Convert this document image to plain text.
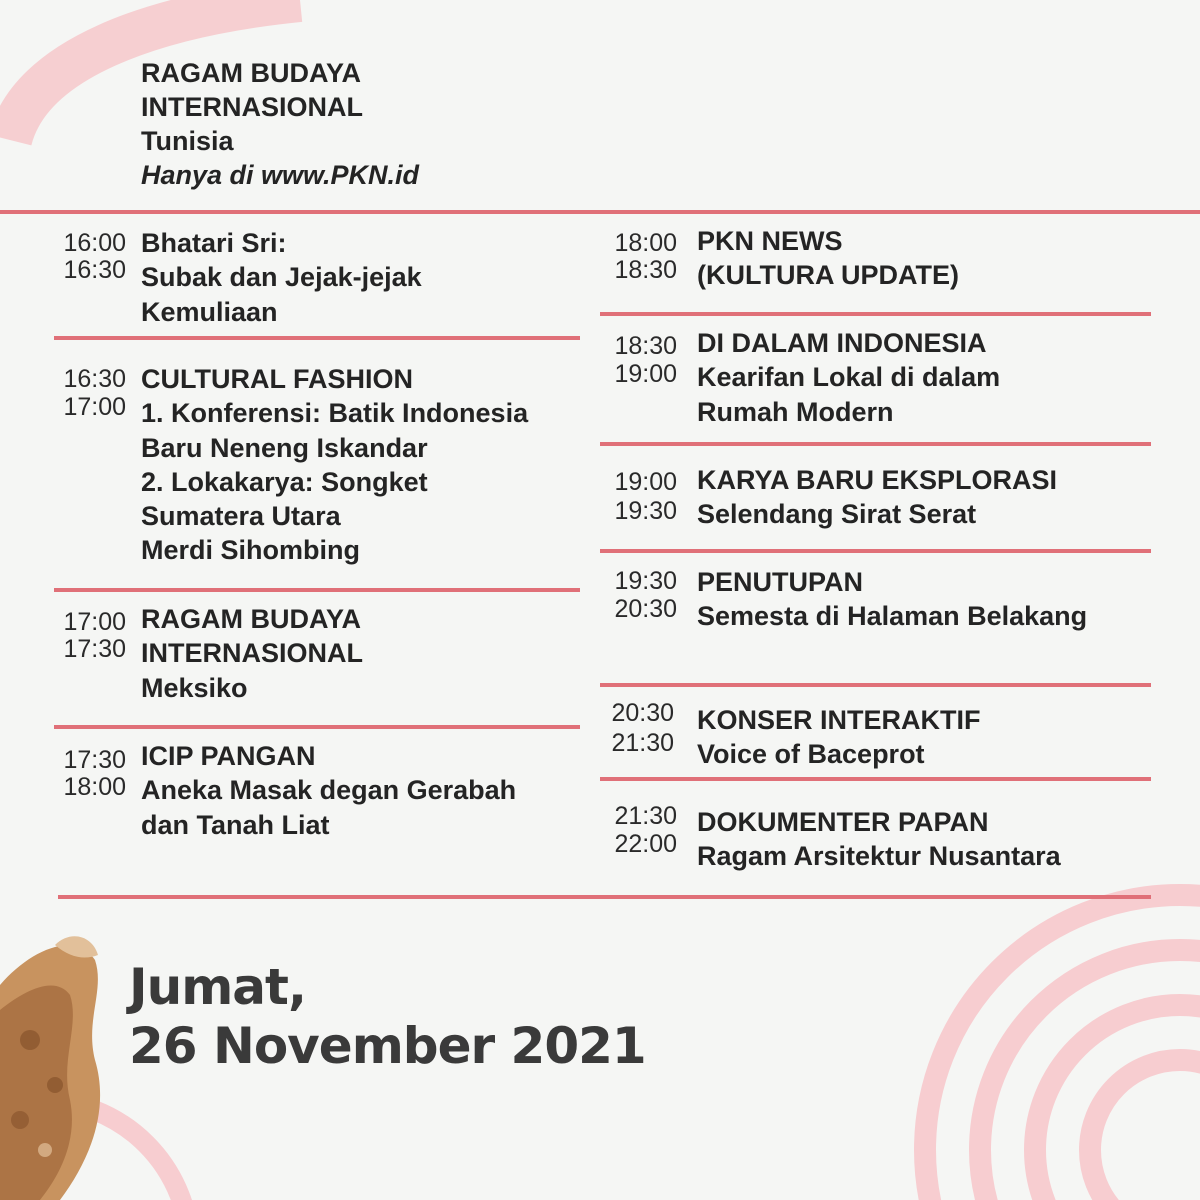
RAGAM BUDAYA
INTERNASIONAL
Tunisia
Hanya di www.PKN.id
16:00
16:30
Bhatari Sri:
Subak dan Jejak-jejak
Kemuliaan
16:30
17:00
CULTURAL FASHION
1. Konferensi: Batik Indonesia
Baru Neneng Iskandar
2. Lokakarya: Songket
Sumatera Utara
Merdi Sihombing
17:00
17:30
RAGAM BUDAYA
INTERNASIONAL
Meksiko
17:30
18:00
ICIP PANGAN
Aneka Masak degan Gerabah
dan Tanah Liat
18:00
18:30
PKN NEWS
(KULTURA UPDATE)
18:30
19:00
DI DALAM INDONESIA
Kearifan Lokal di dalam
Rumah Modern
19:00
19:30
KARYA BARU EKSPLORASI
Selendang Sirat Serat
19:30
20:30
PENUTUPAN
Semesta di Halaman Belakang
20:30
21:30
KONSER INTERAKTIF
Voice of Baceprot
21:30
22:00
DOKUMENTER PAPAN
Ragam Arsitektur Nusantara
Jumat,
26 November 2021
